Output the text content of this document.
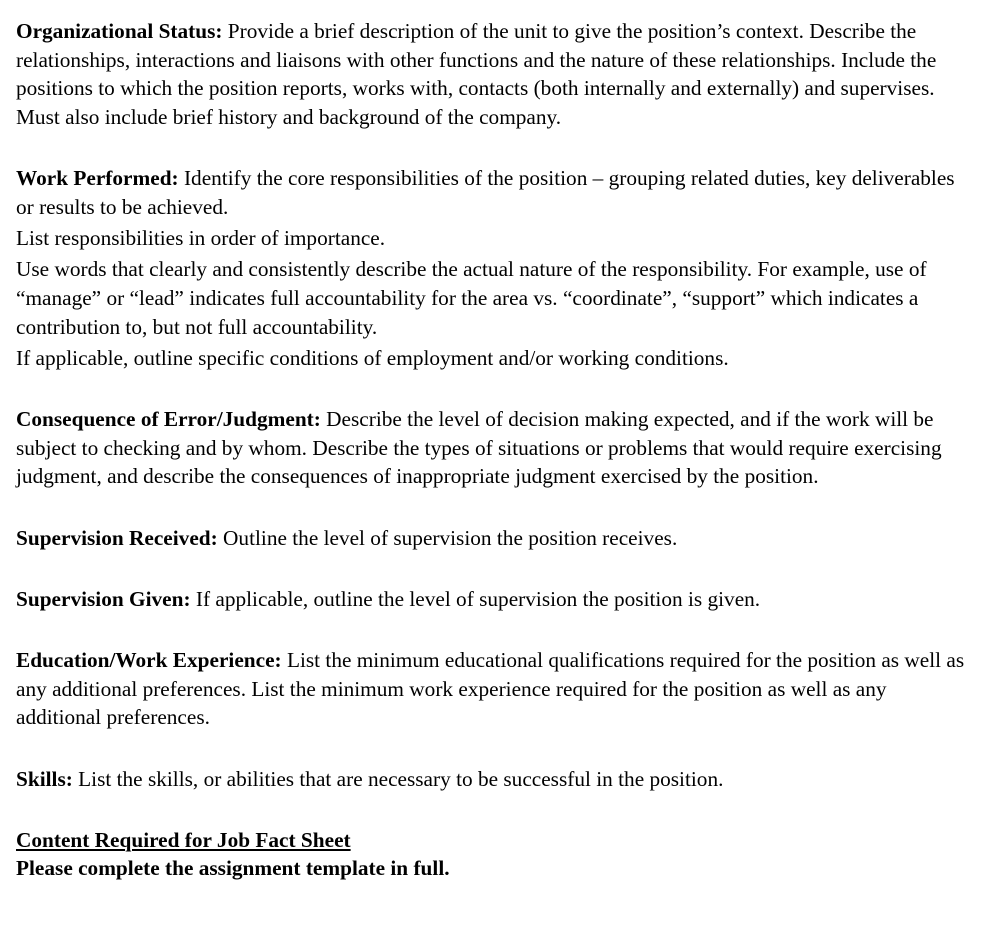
Organizational Status: Provide a brief description of the unit to give the position’s context. Describe the relationships, interactions and liaisons with other functions and the nature of these relationships. Include the positions to which the position reports, works with, contacts (both internally and externally) and supervises. Must also include brief history and background of the company.

Work Performed: Identify the core responsibilities of the position – grouping related duties, key deliverables or results to be achieved.

List responsibilities in order of importance.

Use words that clearly and consistently describe the actual nature of the responsibility. For example, use of “manage” or “lead” indicates full accountability for the area vs. “coordinate”, “support” which indicates a contribution to, but not full accountability.

If applicable, outline specific conditions of employment and/or working conditions.

Consequence of Error/Judgment: Describe the level of decision making expected, and if the work will be subject to checking and by whom. Describe the types of situations or problems that would require exercising judgment, and describe the consequences of inappropriate judgment exercised by the position.

Supervision Received: Outline the level of supervision the position receives.

Supervision Given: If applicable, outline the level of supervision the position is given.

Education/Work Experience: List the minimum educational qualifications required for the position as well as any additional preferences. List the minimum work experience required for the position as well as any additional preferences.

Skills: List the skills, or abilities that are necessary to be successful in the position.

Content Required for Job Fact Sheet

Please complete the assignment template in full.
